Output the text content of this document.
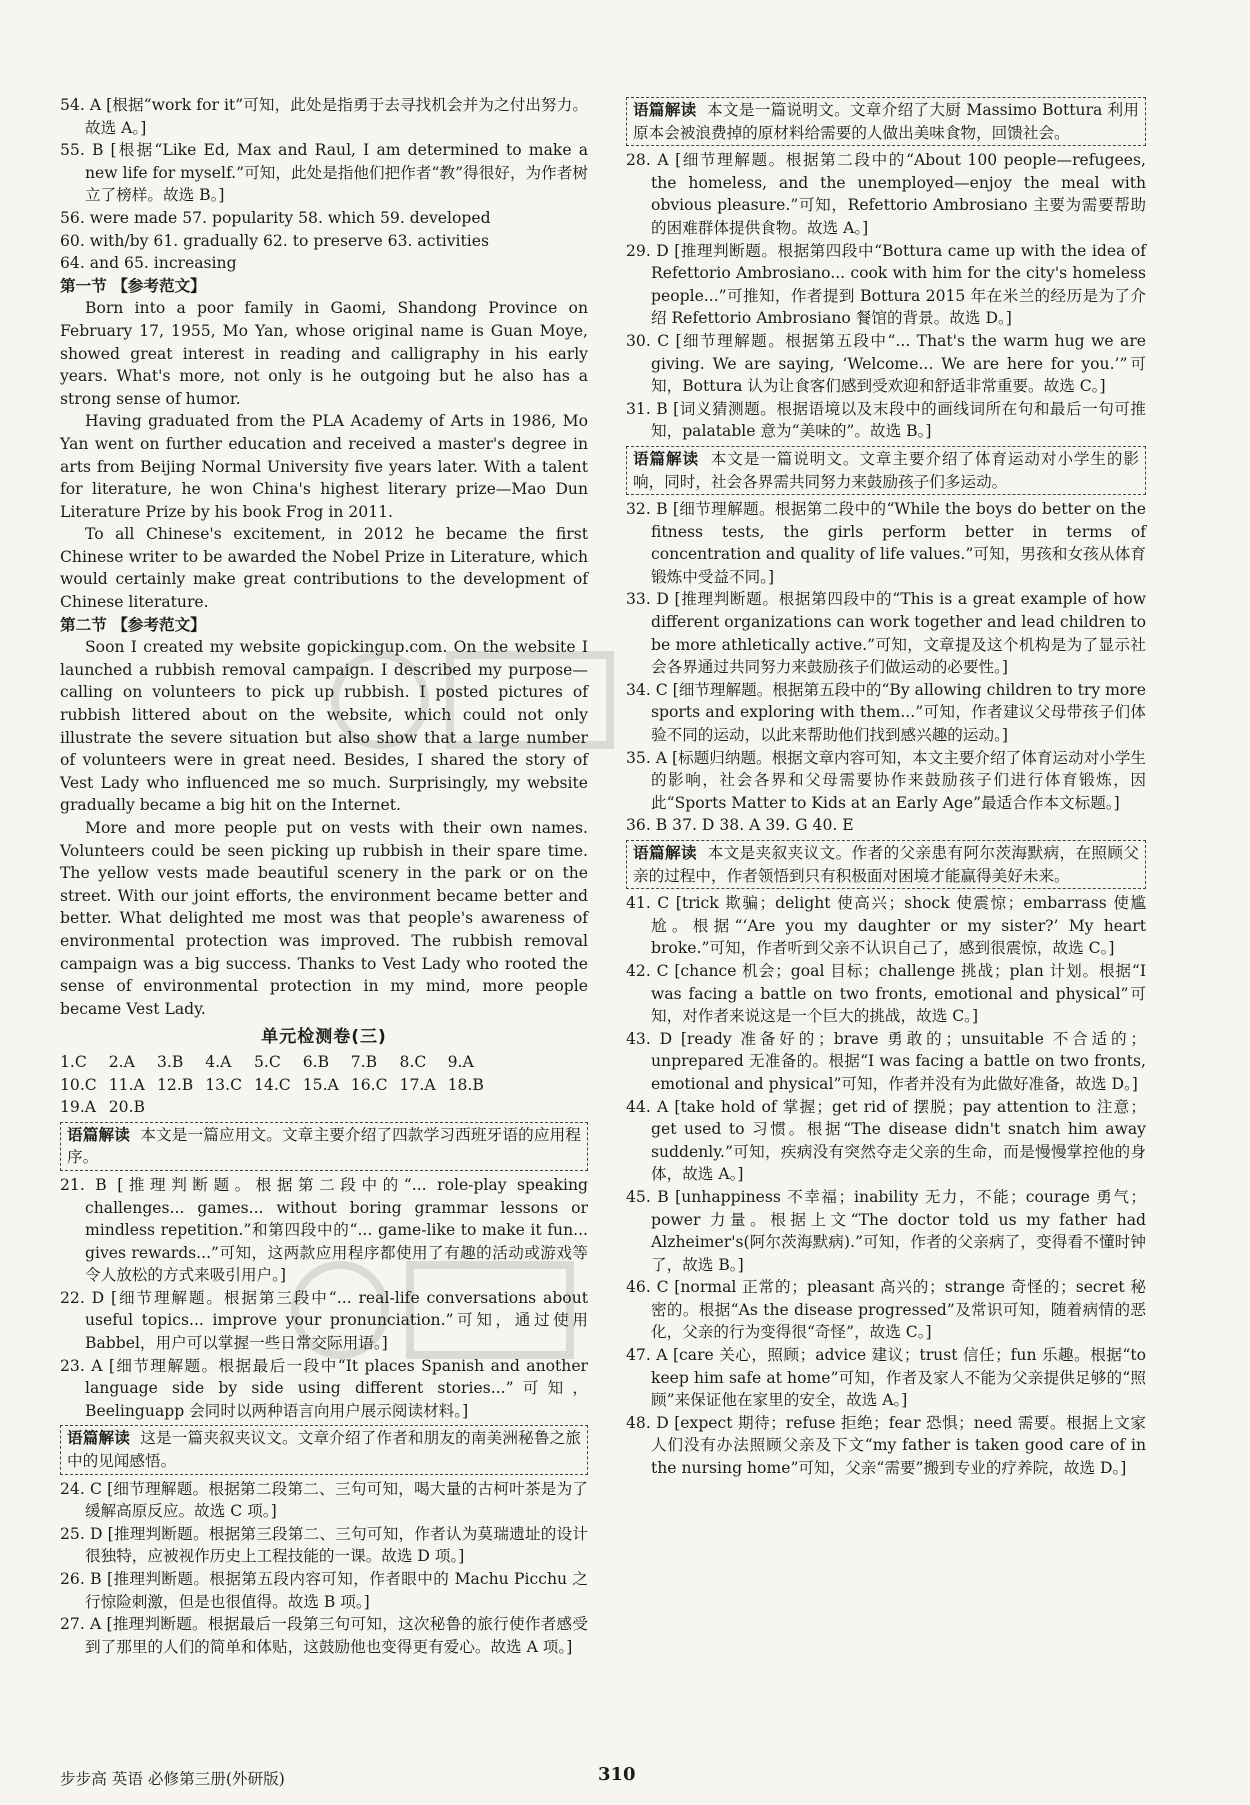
54. A [根据“work for it”可知，此处是指勇于去寻找机会并为之付出努力。故选 A。]

55. B [根据“Like Ed, Max and Raul, I am determined to make a new life for myself.”可知，此处是指他们把作者“教”得很好，为作者树立了榜样。故选 B。]

56. were made 57. popularity 58. which 59. developed

60. with/by 61. gradually 62. to preserve 63. activities

64. and 65. increasing

第一节 【参考范文】

Born into a poor family in Gaomi, Shandong Province on February 17, 1955, Mo Yan, whose original name is Guan Moye, showed great interest in reading and calligraphy in his early years. What's more, not only is he outgoing but he also has a strong sense of humor.

Having graduated from the PLA Academy of Arts in 1986, Mo Yan went on further education and received a master's degree in arts from Beijing Normal University five years later. With a talent for literature, he won China's highest literary prize—Mao Dun Literature Prize by his book Frog in 2011.

To all Chinese's excitement, in 2012 he became the first Chinese writer to be awarded the Nobel Prize in Literature, which would certainly make great contributions to the development of Chinese literature.

第二节 【参考范文】

Soon I created my website gopickingup.com. On the website I launched a rubbish removal campaign. I described my purpose—calling on volunteers to pick up rubbish. I posted pictures of rubbish littered about on the website, which could not only illustrate the severe situation but also show that a large number of volunteers were in great need. Besides, I shared the story of Vest Lady who influenced me so much. Surprisingly, my website gradually became a big hit on the Internet.

More and more people put on vests with their own names. Volunteers could be seen picking up rubbish in their spare time. The yellow vests made beautiful scenery in the park or on the street. With our joint efforts, the environment became better and better. What delighted me most was that people's awareness of environmental protection was improved. The rubbish removal campaign was a big success. Thanks to Vest Lady who rooted the sense of environmental protection in my mind, more people became Vest Lady.

单元检测卷(三)

1.C	2.A	3.B	4.A	5.C	6.B	7.B	8.C	9.A
10.C 11.A 12.B 13.C 14.C 15.A 16.C 17.A 18.B
19.A 20.B

语篇解读 本文是一篇应用文。文章主要介绍了四款学习西班牙语的应用程序。

21. B [推理判断题。根据第二段中的“... role-play speaking challenges... games... without boring grammar lessons or mindless repetition.”和第四段中的“... game-like to make it fun... gives rewards...”可知，这两款应用程序都使用了有趣的活动或游戏等令人放松的方式来吸引用户。]

22. D [细节理解题。根据第三段中“... real-life conversations about useful topics... improve your pronunciation.”可知，通过使用 Babbel，用户可以掌握一些日常交际用语。]

23. A [细节理解题。根据最后一段中“It places Spanish and another language side by side using different stories...”可知，Beelinguapp 会同时以两种语言向用户展示阅读材料。]

语篇解读 这是一篇夹叙夹议文。文章介绍了作者和朋友的南美洲秘鲁之旅中的见闻感悟。

24. C [细节理解题。根据第二段第二、三句可知，喝大量的古柯叶茶是为了缓解高原反应。故选 C 项。]

25. D [推理判断题。根据第三段第二、三句可知，作者认为莫瑞遗址的设计很独特，应被视作历史上工程技能的一课。故选 D 项。]

26. B [推理判断题。根据第五段内容可知，作者眼中的 Machu Picchu 之行惊险刺激，但是也很值得。故选 B 项。]

27. A [推理判断题。根据最后一段第三句可知，这次秘鲁的旅行使作者感受到了那里的人们的简单和体贴，这鼓励他也变得更有爱心。故选 A 项。]

语篇解读 本文是一篇说明文。文章介绍了大厨 Massimo Bottura 利用原本会被浪费掉的原材料给需要的人做出美味食物，回馈社会。

28. A [细节理解题。根据第二段中的“About 100 people—refugees, the homeless, and the unemployed—enjoy the meal with obvious pleasure.”可知，Refettorio Ambrosiano 主要为需要帮助的困难群体提供食物。故选 A。]

29. D [推理判断题。根据第四段中“Bottura came up with the idea of Refettorio Ambrosiano... cook with him for the city's homeless people...”可推知，作者提到 Bottura 2015 年在米兰的经历是为了介绍 Refettorio Ambrosiano 餐馆的背景。故选 D。]

30. C [细节理解题。根据第五段中“... That's the warm hug we are giving. We are saying, ‘Welcome... We are here for you.’”可知，Bottura 认为让食客们感到受欢迎和舒适非常重要。故选 C。]

31. B [词义猜测题。根据语境以及末段中的画线词所在句和最后一句可推知，palatable 意为“美味的”。故选 B。]

语篇解读 本文是一篇说明文。文章主要介绍了体育运动对小学生的影响，同时，社会各界需共同努力来鼓励孩子们多运动。

32. B [细节理解题。根据第二段中的“While the boys do better on the fitness tests, the girls perform better in terms of concentration and quality of life values.”可知，男孩和女孩从体育锻炼中受益不同。]

33. D [推理判断题。根据第四段中的“This is a great example of how different organizations can work together and lead children to be more athletically active.”可知，文章提及这个机构是为了显示社会各界通过共同努力来鼓励孩子们做运动的必要性。]

34. C [细节理解题。根据第五段中的“By allowing children to try more sports and exploring with them...”可知，作者建议父母带孩子们体验不同的运动，以此来帮助他们找到感兴趣的运动。]

35. A [标题归纳题。根据文章内容可知，本文主要介绍了体育运动对小学生的影响，社会各界和父母需要协作来鼓励孩子们进行体育锻炼，因此“Sports Matter to Kids at an Early Age”最适合作本文标题。]

36. B 37. D 38. A 39. G 40. E

语篇解读 本文是夹叙夹议文。作者的父亲患有阿尔茨海默病，在照顾父亲的过程中，作者领悟到只有积极面对困境才能赢得美好未来。

41. C [trick 欺骗；delight 使高兴；shock 使震惊；embarrass 使尴尬。根据“‘Are you my daughter or my sister?’ My heart broke.”可知，作者听到父亲不认识自己了，感到很震惊，故选 C。]

42. C [chance 机会；goal 目标；challenge 挑战；plan 计划。根据“I was facing a battle on two fronts, emotional and physical”可知，对作者来说这是一个巨大的挑战，故选 C。]

43. D [ready 准备好的；brave 勇敢的；unsuitable 不合适的；unprepared 无准备的。根据“I was facing a battle on two fronts, emotional and physical”可知，作者并没有为此做好准备，故选 D。]

44. A [take hold of 掌握；get rid of 摆脱；pay attention to 注意；get used to 习惯。根据“The disease didn't snatch him away suddenly.”可知，疾病没有突然夺走父亲的生命，而是慢慢掌控他的身体，故选 A。]

45. B [unhappiness 不幸福；inability 无力，不能；courage 勇气；power 力量。根据上文“The doctor told us my father had Alzheimer's(阿尔茨海默病).”可知，作者的父亲病了，变得看不懂时钟了，故选 B。]

46. C [normal 正常的；pleasant 高兴的；strange 奇怪的；secret 秘密的。根据“As the disease progressed”及常识可知，随着病情的恶化，父亲的行为变得很“奇怪”，故选 C。]

47. A [care 关心，照顾；advice 建议；trust 信任；fun 乐趣。根据“to keep him safe at home”可知，作者及家人不能为父亲提供足够的“照顾”来保证他在家里的安全，故选 A。]

48. D [expect 期待；refuse 拒绝；fear 恐惧；need 需要。根据上文家人们没有办法照顾父亲及下文“my father is taken good care of in the nursing home”可知，父亲“需要”搬到专业的疗养院，故选 D。]

步步高 英语 必修第三册(外研版)	310
